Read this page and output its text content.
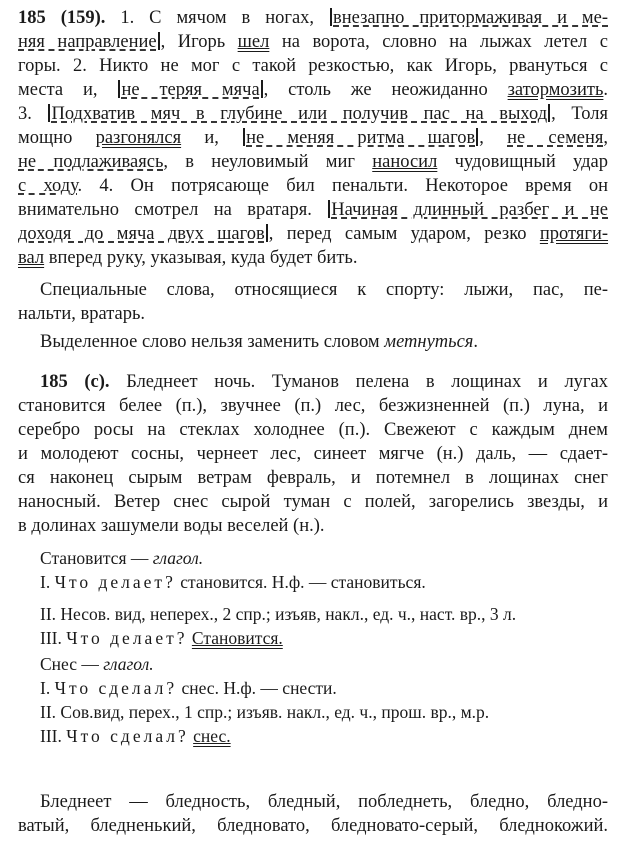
185 (159). 1. С мячом в ногах, внезапно притормаживая и ме-
няя направление , Игорь шел на ворота, словно на лыжах летел с
горы. 2. Никто не мог с такой резкостью, как Игорь, рвануться с
места и, не теряя мяча , столь же неожиданно затормозить.
3. Подхватив мяч в глубине или получив пас на выход , Толя
мощно разгонялся и, не меняя ритма шагов , не семеня,
не подлаживаясь, в неуловимый миг наносил чудовищный удар
с ходу. 4. Он потрясающе бил пенальти. Некоторое время он
внимательно смотрел на вратаря. Начиная длинный разбег и не
доходя до мяча двух шагов , перед самым ударом, резко протяги-
вал вперед руку, указывая, куда будет бить.
Специальные слова, относящиеся к спорту: лыжи, пас, пе-
нальти, вратарь.
Выделенное слово нельзя заменить словом метнуться.
185 (с). Бледнеет ночь. Туманов пелена в лощинах и лугах
становится белее (п.), звучнее (п.) лес, безжизненней (п.) луна, и
серебро росы на стеклах холоднее (п.). Свежеют с каждым днем
и молодеют сосны, чернеет лес, синеет мягче (н.) даль, — сдает-
ся наконец сырым ветрам февраль, и потемнел в лощинах снег
наносный. Ветер снес сырой туман с полей, загорелись звезды, и
в долинах зашумели воды веселей (н.).
Становится — глагол.
I. Что делает? становится. Н.ф. — становиться.
II. Несов. вид, неперех., 2 спр.; изъяв, накл., ед. ч., наст. вр., 3 л.
III. Что делает? Становится.
Снес — глагол.
I. Что сделал? снес. Н.ф. — снести.
II. Сов.вид, перех., 1 спр.; изъяв. накл., ед. ч., прош. вр., м.р.
III. Что сделал? снес.
Бледнеет — бледность, бледный, побледнеть, бледно, бледно-
ватый, бледненький, бледновато, бледновато-серый, бледнокожий.
